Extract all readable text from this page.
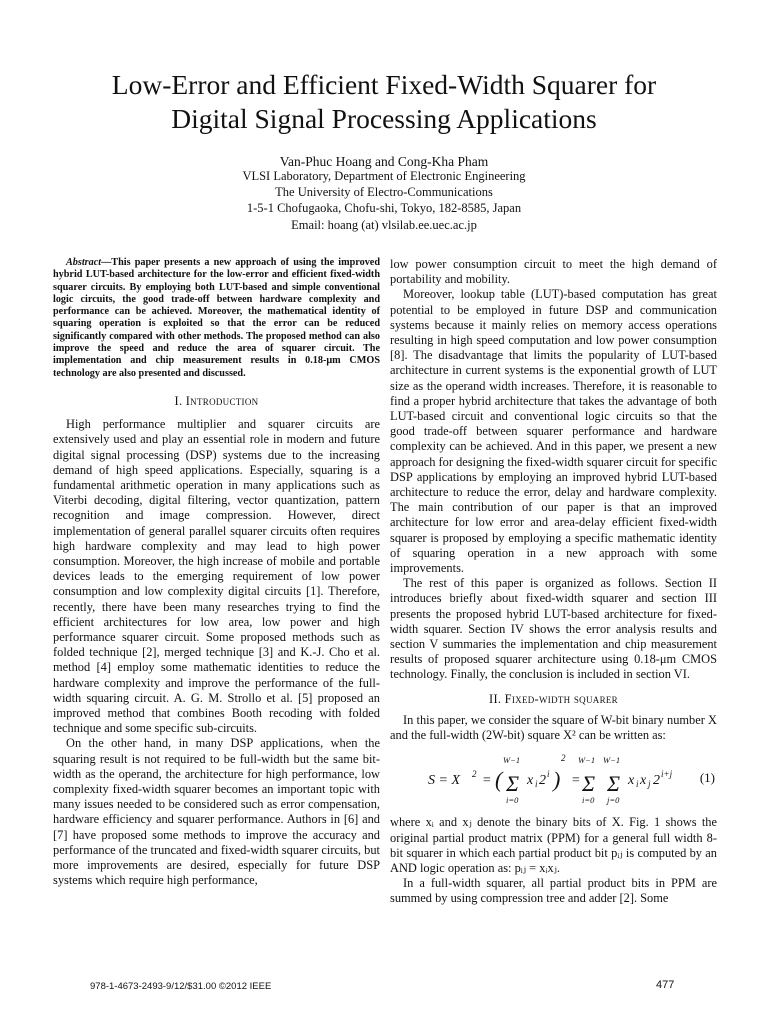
Low-Error and Efficient Fixed-Width Squarer for
Digital Signal Processing Applications
Van-Phuc Hoang and Cong-Kha Pham
VLSI Laboratory, Department of Electronic Engineering
The University of Electro-Communications
1-5-1 Chofugaoka, Chofu-shi, Tokyo, 182-8585, Japan
Email: hoang (at) vlsilab.ee.uec.ac.jp

Abstract—This paper presents a new approach of using the improved hybrid LUT-based architecture for the low-error and efficient fixed-width squarer circuits. By employing both LUT-based and simple conventional logic circuits, the good trade-off between hardware complexity and performance can be achieved. Moreover, the mathematical identity of squaring operation is exploited so that the error can be reduced significantly compared with other methods. The proposed method can also improve the speed and reduce the area of squarer circuit. The implementation and chip measurement results in 0.18-μm CMOS technology are also presented and discussed.

I. Introduction

High performance multiplier and squarer circuits are extensively used and play an essential role in modern and future digital signal processing (DSP) systems due to the increasing demand of high speed applications. Especially, squaring is a fundamental arithmetic operation in many applications such as Viterbi decoding, digital filtering, vector quantization, pattern recognition and image compression. However, direct implementation of general parallel squarer circuits often requires high hardware complexity and may lead to high power consumption. Moreover, the high increase of mobile and portable devices leads to the emerging requirement of low power consumption and low complexity digital circuits [1]. Therefore, recently, there have been many researches trying to find the efficient architectures for low area, low power and high performance squarer circuit. Some proposed methods such as folded technique [2], merged technique [3] and K.-J. Cho et al. method [4] employ some mathematic identities to reduce the hardware complexity and improve the performance of the full-width squaring circuit. A. G. M. Strollo et al. [5] proposed an improved method that combines Booth recoding with folded technique and some specific sub-circuits.

On the other hand, in many DSP applications, when the squaring result is not required to be full-width but the same bit-width as the operand, the architecture for high performance, low complexity fixed-width squarer becomes an important topic with many issues needed to be considered such as error compensation, hardware efficiency and squarer performance. Authors in [6] and [7] have proposed some methods to improve the accuracy and performance of the truncated and fixed-width squarer circuits, but more improvements are desired, especially for future DSP systems which require high performance,

low power consumption circuit to meet the high demand of portability and mobility.

Moreover, lookup table (LUT)-based computation has great potential to be employed in future DSP and communication systems because it mainly relies on memory access operations resulting in high speed computation and low power consumption [8]. The disadvantage that limits the popularity of LUT-based architecture in current systems is the exponential growth of LUT size as the operand width increases. Therefore, it is reasonable to find a proper hybrid architecture that takes the advantage of both LUT-based circuit and conventional logic circuits so that the good trade-off between squarer performance and hardware complexity can be achieved. And in this paper, we present a new approach for designing the fixed-width squarer circuit for specific DSP applications by employing an improved hybrid LUT-based architecture to reduce the error, delay and hardware complexity. The main contribution of our paper is that an improved architecture for low error and area-delay efficient fixed-width squarer is proposed by employing a specific mathematic identity of squaring operation in a new approach with some improvements.

The rest of this paper is organized as follows. Section II introduces briefly about fixed-width squarer and section III presents the proposed hybrid LUT-based architecture for fixed-width squarer. Section IV shows the error analysis results and section V summaries the implementation and chip measurement results of proposed squarer architecture using 0.18-μm CMOS technology. Finally, the conclusion is included in section VI.

II. Fixed-width squarer

In this paper, we consider the square of W-bit binary number X and the full-width (2W-bit) square X² can be written as:

S = X 2 = (
W−1
Σ
i=0
x i 2 i )
2
=
W−1
Σ
i=0
W−1
Σ
j=0
x i x j 2 i+j (1)

where xᵢ and xⱼ denote the binary bits of X. Fig. 1 shows the original partial product matrix (PPM) for a general full width 8-bit squarer in which each partial product bit pᵢⱼ is computed by an AND logic operation as: pᵢⱼ = xᵢxⱼ.

In a full-width squarer, all partial product bits in PPM are summed by using compression tree and adder [2]. Some

978-1-4673-2493-9/12/$31.00 ©2012 IEEE	477
